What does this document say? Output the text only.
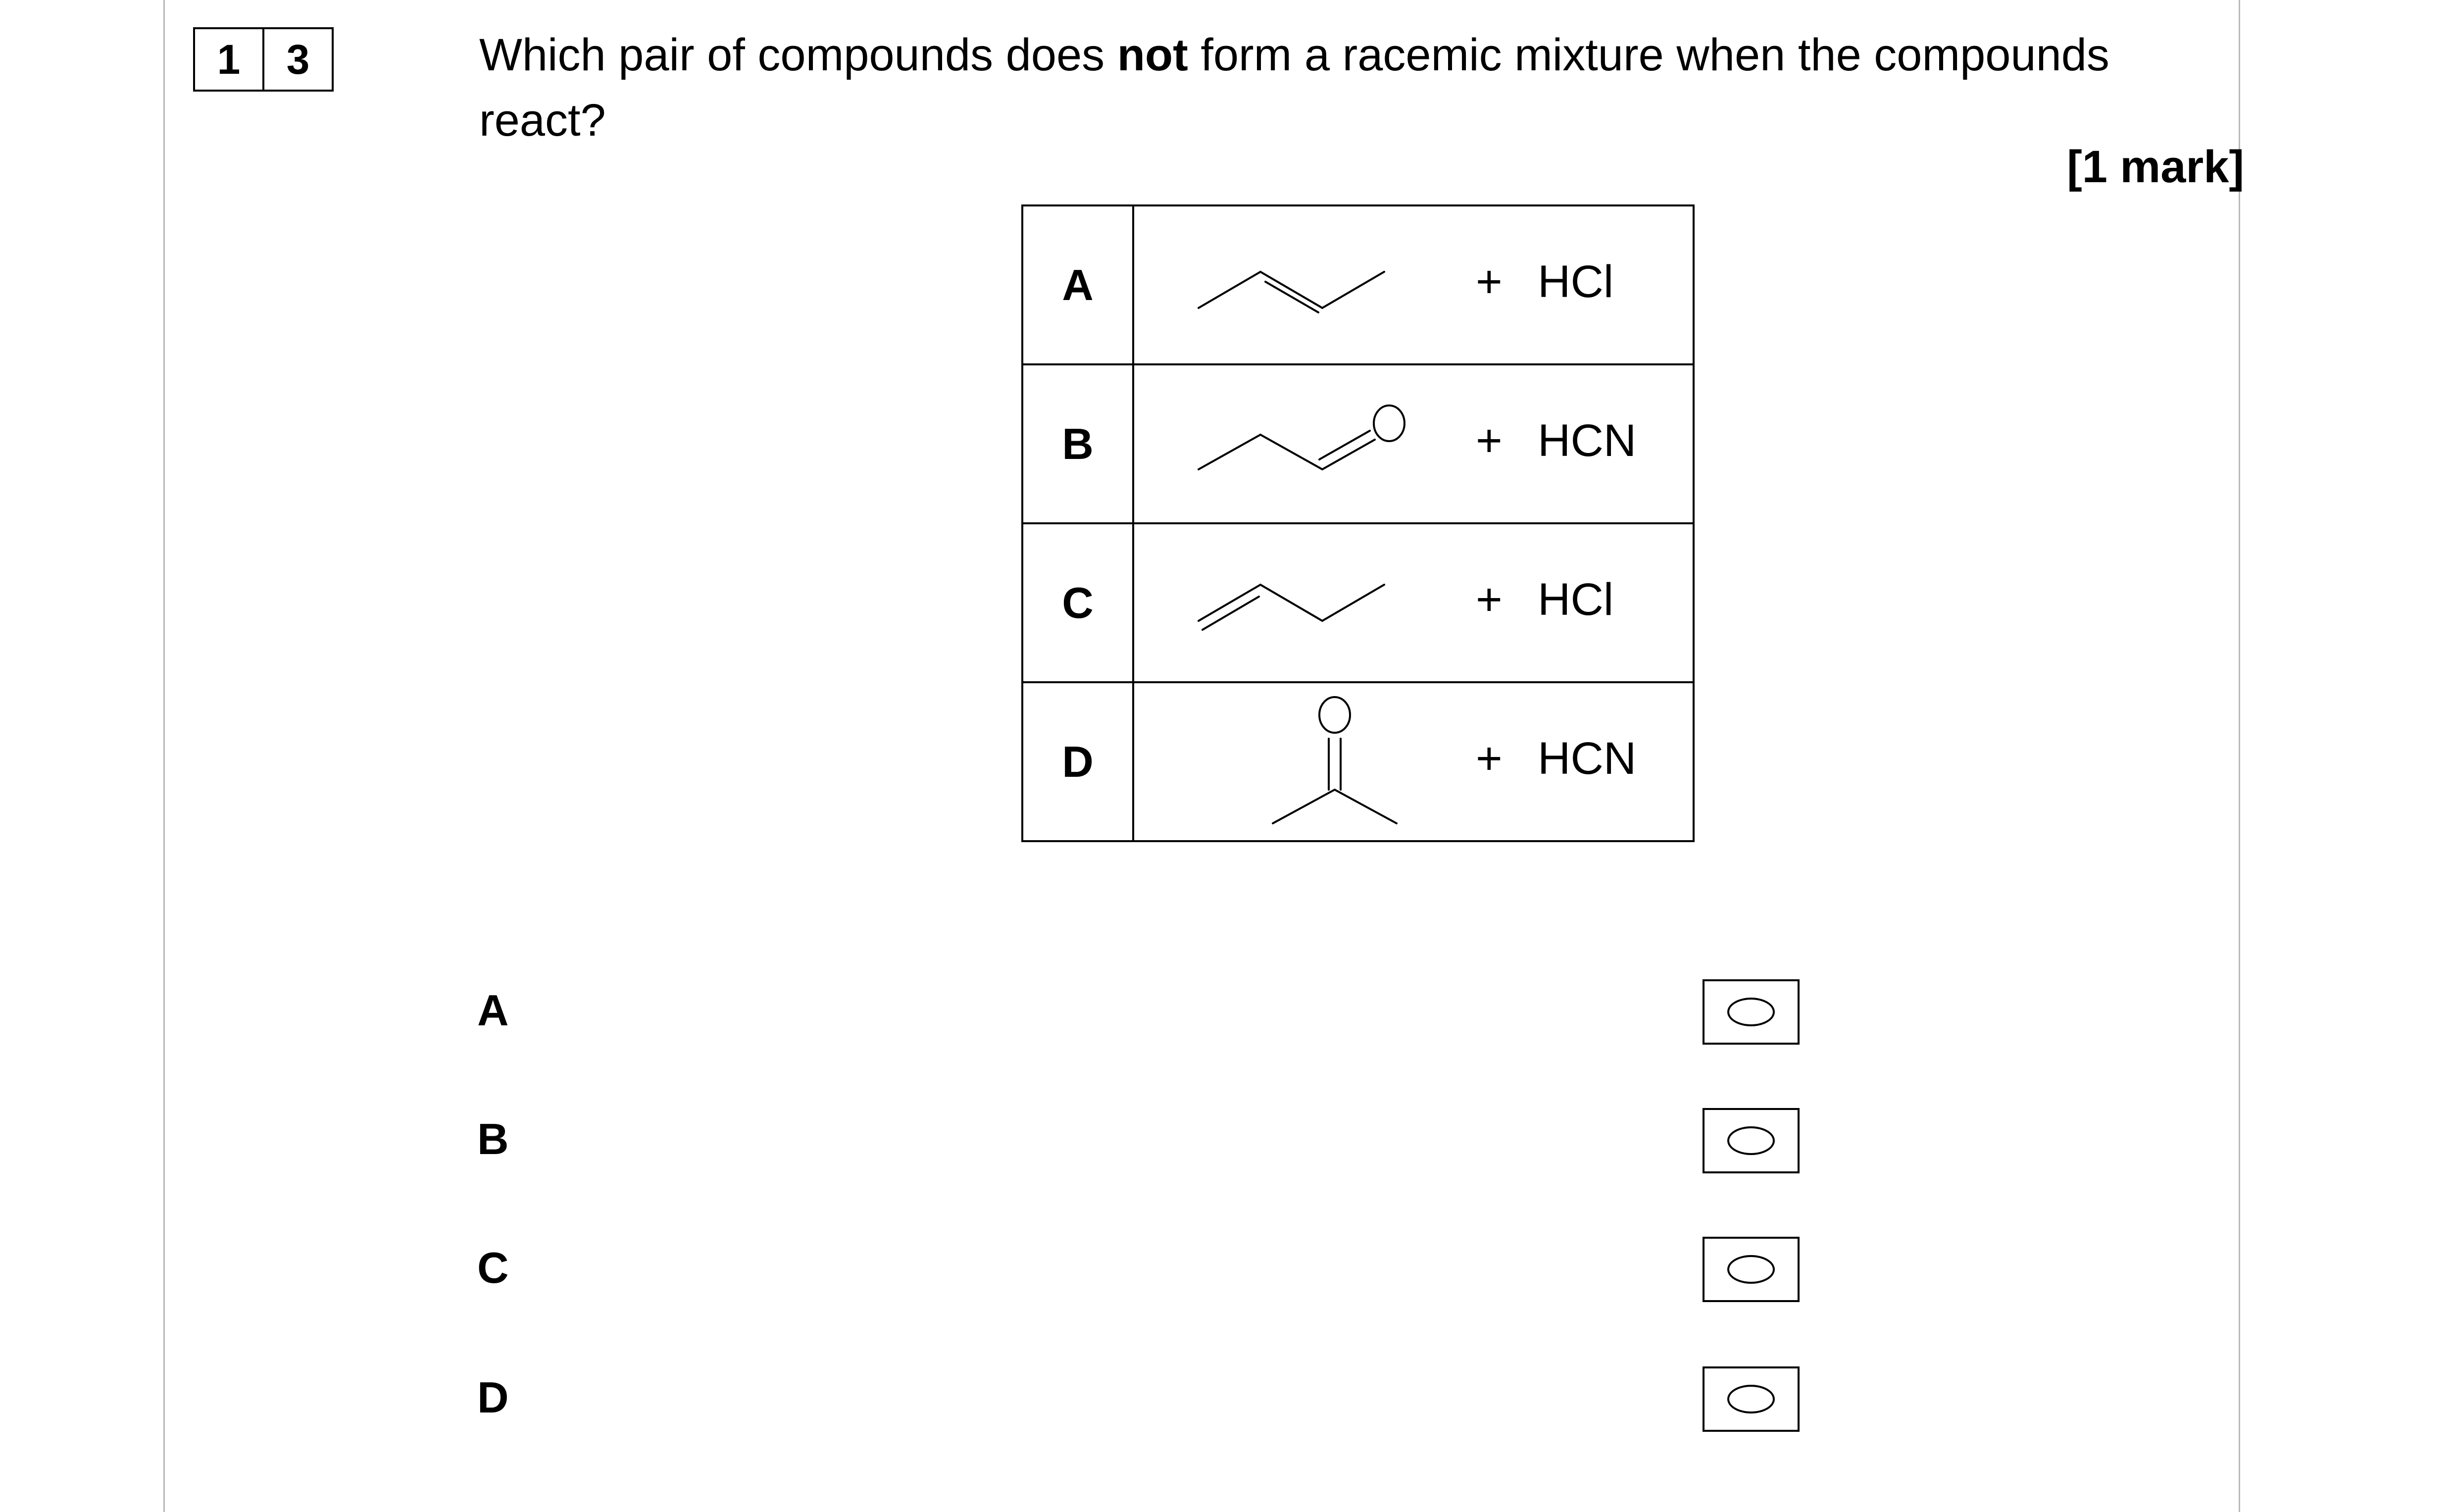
1	3	Which pair of compounds does not form a racemic mixture when the compounds react?
[1 mark]
A	+ HCl

B	+ HCN

C	+ HCl

D	+ HCN
A
B
C
D
